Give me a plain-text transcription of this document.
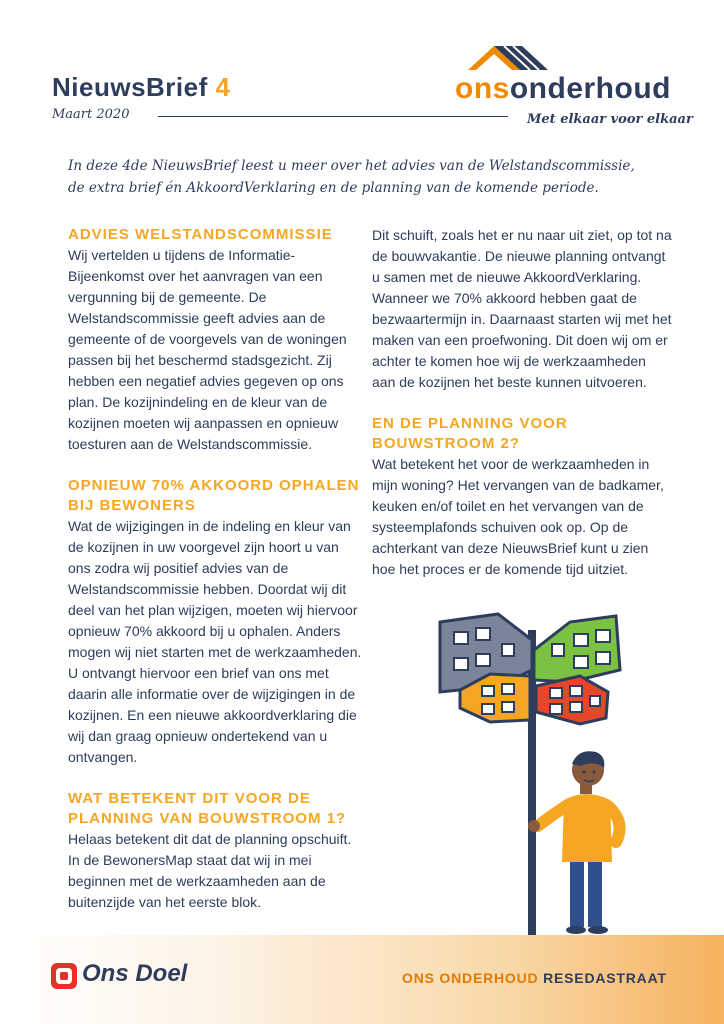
NieuwsBrief 4
Maart 2020
onsonderhoud
Met elkaar voor elkaar
In deze 4de NieuwsBrief leest u meer over het advies van de Welstandscommissie,
de extra brief én AkkoordVerklaring en de planning van de komende periode.
ADVIES WELSTANDSCOMMISSIE

Wij vertelden u tijdens de Informatie-Bijeenkomst over het aanvragen van een vergunning bij de gemeente. De Welstandscommissie geeft advies aan de gemeente of de voorgevels van de woningen passen bij het beschermd stadsgezicht. Zij hebben een negatief advies gegeven op ons plan. De kozijnindeling en de kleur van de kozijnen moeten wij aanpassen en opnieuw toesturen aan de Welstandscommissie.

OPNIEUW 70% AKKOORD OPHALEN BIJ BEWONERS

Wat de wijzigingen in de indeling en kleur van de kozijnen in uw voorgevel zijn hoort u van ons zodra wij positief advies van de Welstandscommissie hebben. Doordat wij dit deel van het plan wijzigen, moeten wij hiervoor opnieuw 70% akkoord bij u ophalen. Anders mogen wij niet starten met de werkzaamheden. U ontvangt hiervoor een brief van ons met daarin alle informatie over de wijzigingen in de kozijnen. En een nieuwe akkoordverklaring die wij dan graag opnieuw ondertekend van u ontvangen.

WAT BETEKENT DIT VOOR DE PLANNING VAN BOUWSTROOM 1?

Helaas betekent dit dat de planning opschuift. In de BewonersMap staat dat wij in mei beginnen met de werkzaamheden aan de buitenzijde van het eerste blok.

Dit schuift, zoals het er nu naar uit ziet, op tot na de bouwvakantie. De nieuwe planning ontvangt u samen met de nieuwe AkkoordVerklaring. Wanneer we 70% akkoord hebben gaat de bezwaartermijn in. Daarnaast starten wij met het maken van een proefwoning. Dit doen wij om er achter te komen hoe wij de werkzaamheden aan de kozijnen het beste kunnen uitvoeren.

EN DE PLANNING VOOR BOUWSTROOM 2?

Wat betekent het voor de werkzaamheden in mijn woning? Het vervangen van de badkamer, keuken en/of toilet en het vervangen van de systeemplafonds schuiven ook op. Op de achterkant van deze NieuwsBrief kunt u zien hoe het proces er de komende tijd uitziet.

Ons Doel	ONS ONDERHOUD RESEDASTRAAT
